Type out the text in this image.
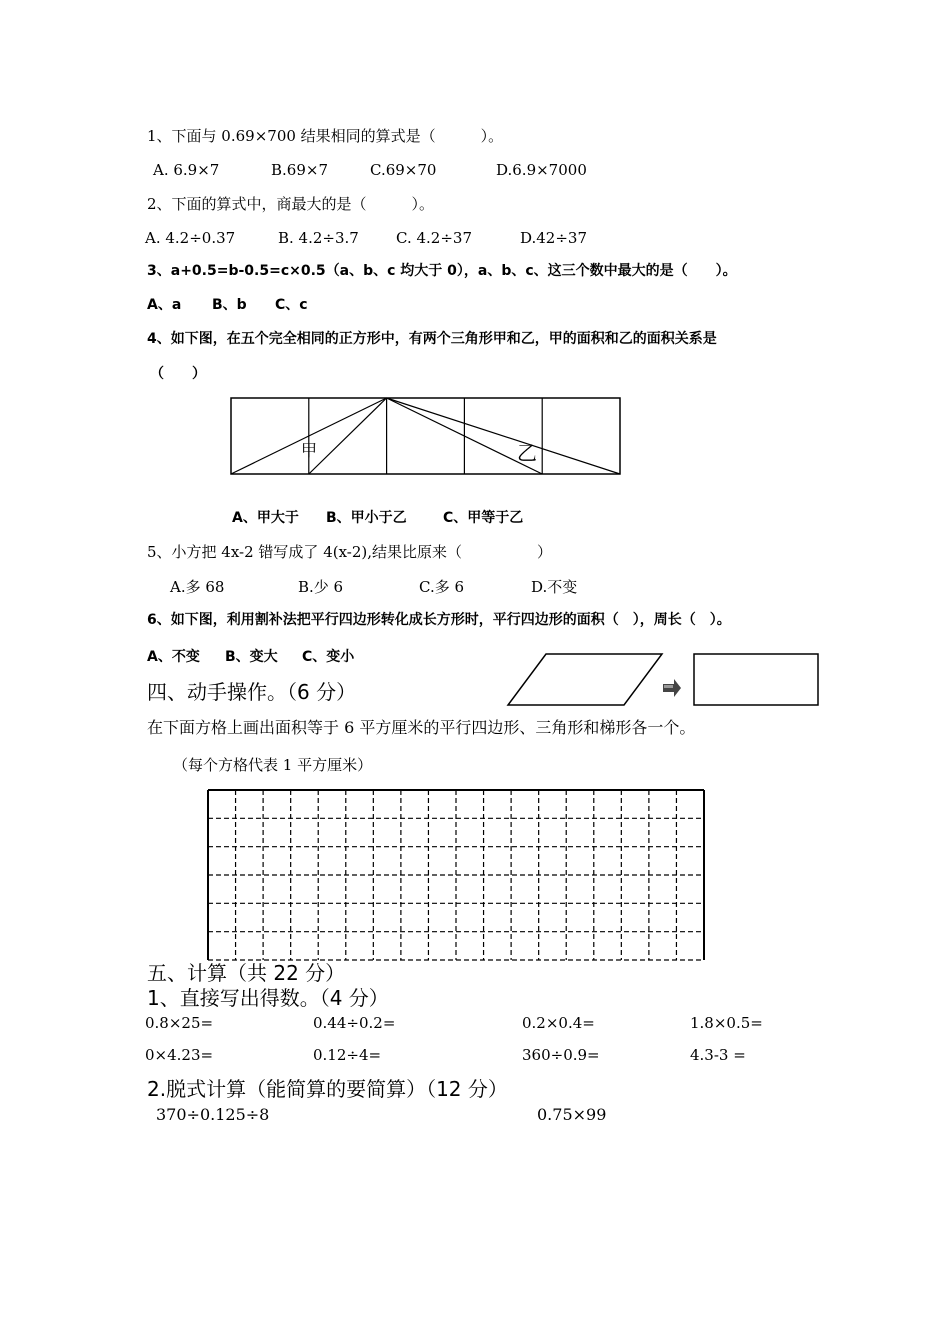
1、下面与 0.69×700 结果相同的算式是（　　　）。
A. 6.9×7	B.69×7	C.69×70	D.6.9×7000
2、下面的算式中，商最大的是（　　　）。
A. 4.2÷0.37	B. 4.2÷3.7 C. 4.2÷37	D.42÷37
3、a+0.5=b-0.5=c×0.5（a、b、c 均大于 0），a、b、c、这三个数中最大的是（　　）。
A、a B、b C、c
4、如下图，在五个完全相同的正方形中，有两个三角形甲和乙，甲的面积和乙的面积关系是
（　　）
甲	乙
A、甲大于 B、甲小于乙	C、甲等于乙
5、小方把 4x-2 错写成了 4(x-2),结果比原来（　　　　　）
A.多 68	B.少 6	C.多 6	D.不变
6、如下图，利用割补法把平行四边形转化成长方形时，平行四边形的面积（　），周长（　）。
A、不变 B、变大 C、变小
四、动手操作。（6 分）
在下面方格上画出面积等于 6 平方厘米的平行四边形、三角形和梯形各一个。
（每个方格代表 1 平方厘米）
五、计算（共 22 分）
1、直接写出得数。（4 分）
0.8×25=	0.44÷0.2=	0.2×0.4=	1.8×0.5=
0×4.23=	0.12÷4=	360÷0.9=	4.3-3 =
2.脱式计算（能简算的要简算）（12 分）
370÷0.125÷8	0.75×99
